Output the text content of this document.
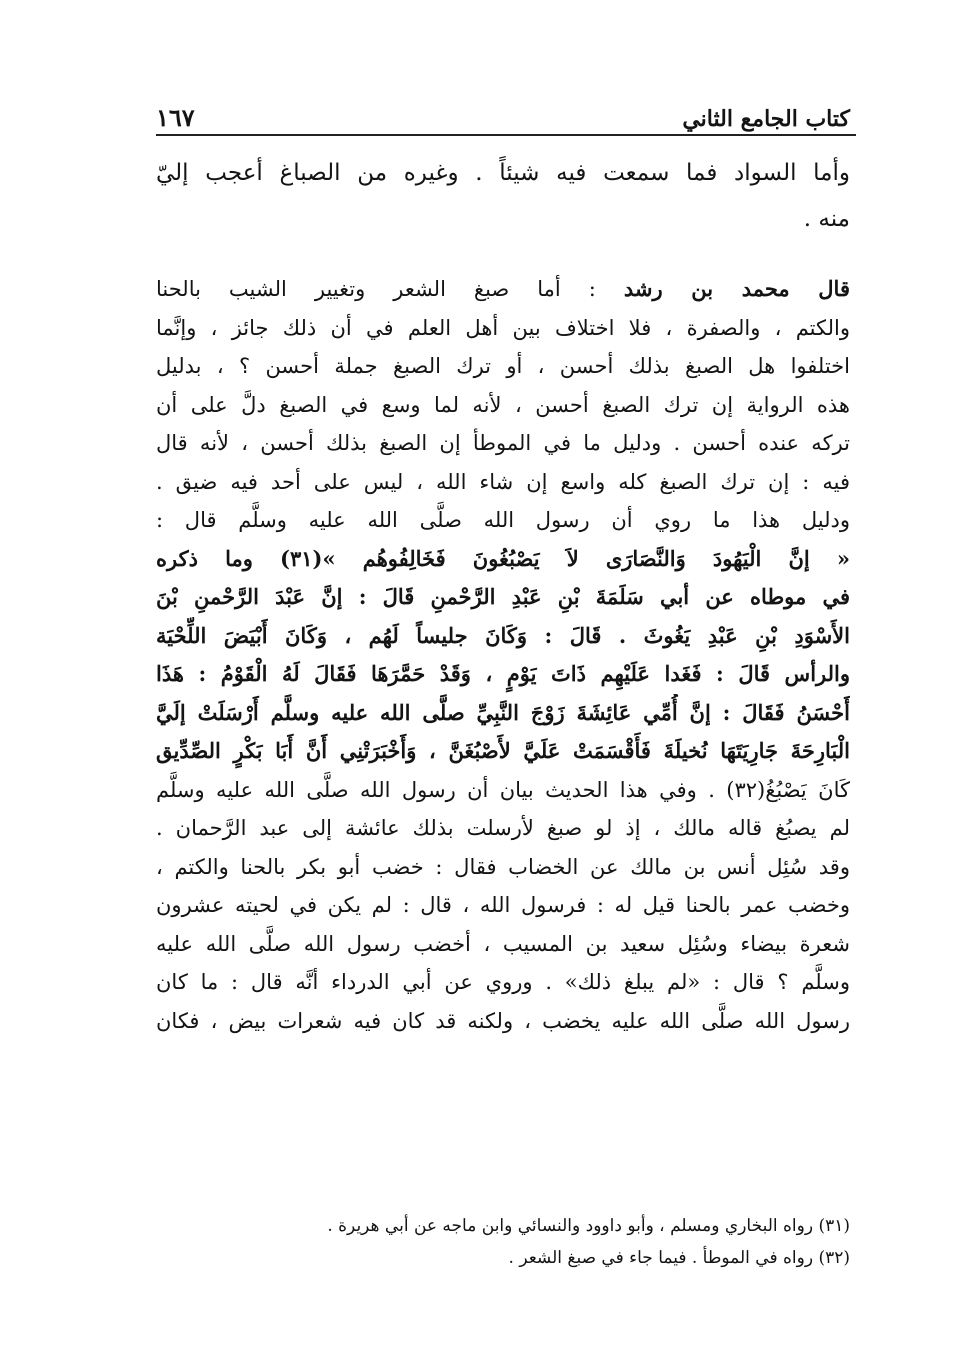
١٦٧	كتاب الجامع الثاني
وأما السواد فما سمعت فيه شيئاً . وغيره من الصباغ أعجب إليّ
منه .
قال محمد بن رشد : أما صبغ الشعر وتغيير الشيب بالحنا
والكتم ، والصفرة ، فلا اختلاف بين أهل العلم في أن ذلك جائز ، وإنَّما
اختلفوا هل الصبغ بذلك أحسن ، أو ترك الصبغ جملة أحسن ؟ ، بدليل
هذه الرواية إن ترك الصبغ أحسن ، لأنه لما وسع في الصبغ دلَّ على أن
تركه عنده أحسن . ودليل ما في الموطأ إن الصبغ بذلك أحسن ، لأنه قال
فيه : إن ترك الصبغ كله واسع إن شاء الله ، ليس على أحد فيه ضيق .
ودليل هذا ما روي أن رسول الله صلَّى الله عليه وسلَّم قال :
« إنَّ الْيَهُودَ وَالنَّصَارَى لاَ يَصْبُغُونَ فَخَالِفُوهُم »(٣١) وما ذكره
في موطاه عن أبي سَلَمَةَ بْنِ عَبْدِ الرَّحْمنِ قَالَ : إنَّ عَبْدَ الرَّحْمنِ بْنَ
الأَسْوَدِ بْنِ عَبْدِ يَغُوثَ . قَالَ : وَكَانَ جليساً لَهُم ، وَكَانَ أَبْيَضَ اللِّحْيَة
والرأس قَالَ : فَغَدا عَلَيْهِم ذَاتَ يَوْمٍ ، وَقَدْ حَمَّرَهَا فَقَالَ لَهُ الْقَوْمُ : هَذَا
أَحْسَنُ فَقَالَ : إنَّ أُمِّي عَائِشَةَ زَوْجَ النَّبِيِّ صلَّى الله عليه وسلَّم أَرْسَلَتْ إلَيَّ
الْبَارِحَةَ جَارِيَتَهَا نُخيلَةَ فَأَقْسَمَتْ عَلَيَّ لأَصْبُغَنَّ ، وَأَخْبَرَتْنِي أَنَّ أَبَا بَكْرٍ الصِّدِّيق
كَانَ يَصْبُغُ(٣٢) . وفي هذا الحديث بيان أن رسول الله صلَّى الله عليه وسلَّم
لم يصبُغ قاله مالك ، إذ لو صبغ لأرسلت بذلك عائشة إلى عبد الرَّحمان .
وقد سُئِل أنس بن مالك عن الخضاب فقال : خضب أبو بكر بالحنا والكتم ،
وخضب عمر بالحنا قيل له : فرسول الله ، قال : لم يكن في لحيته عشرون
شعرة بيضاء وسُئِل سعيد بن المسيب ، أخضب رسول الله صلَّى الله عليه
وسلَّم ؟ قال : «لم يبلغ ذلك» . وروي عن أبي الدرداء أنَّه قال : ما كان
رسول الله صلَّى الله عليه يخضب ، ولكنه قد كان فيه شعرات بيض ، فكان
(٣١) رواه البخاري ومسلم ، وأبو داوود والنسائي وابن ماجه عن أبي هريرة .
(٣٢) رواه في الموطأ . فيما جاء في صبغ الشعر .
